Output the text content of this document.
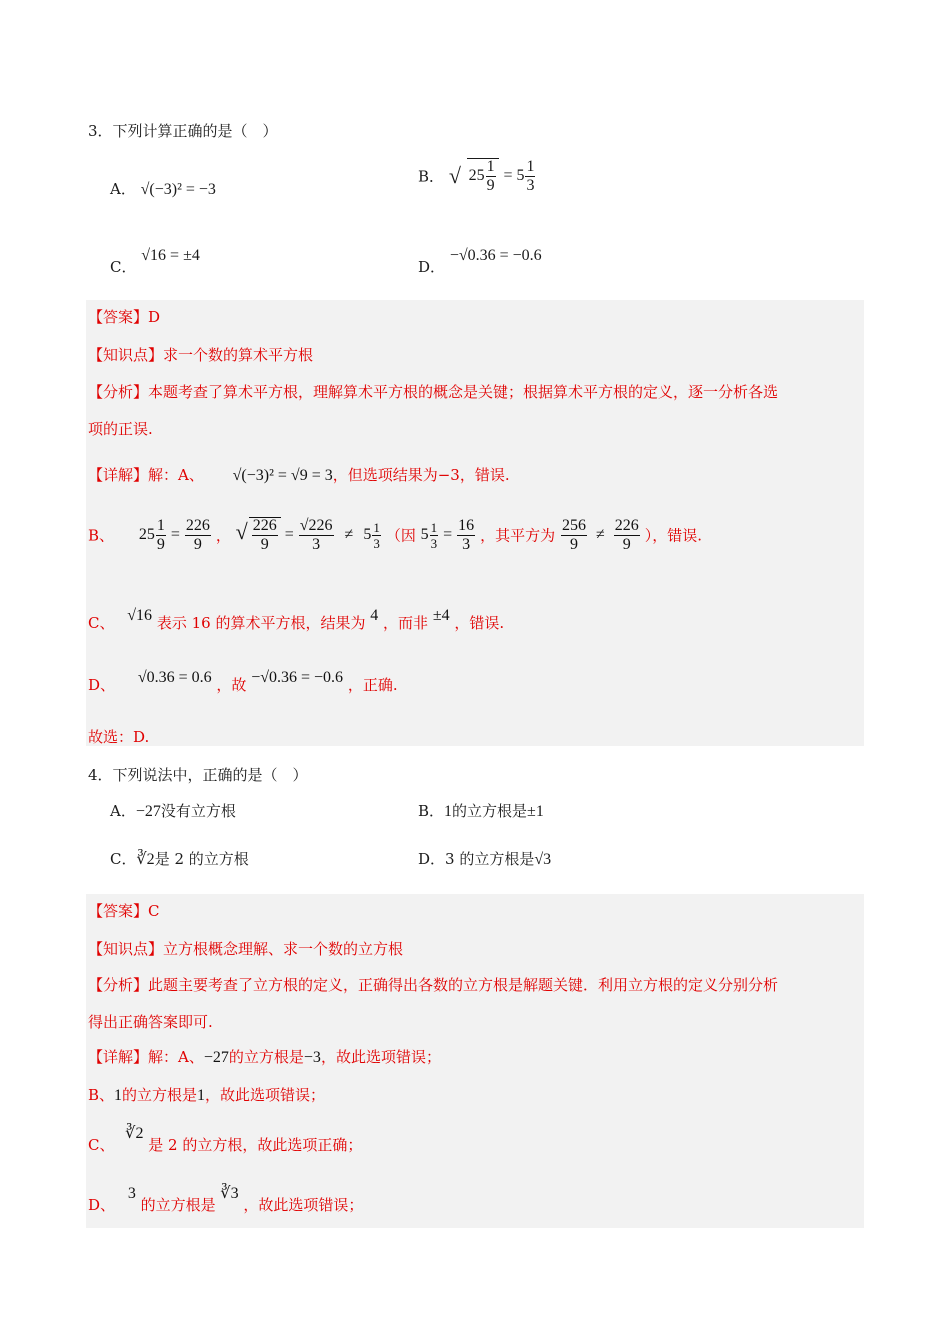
3．下列计算正确的是（　）
A． √(−3)² = −3
B． √ $25 \frac{1}{9} = 5 \frac{1}{3}$
C． √16 = ±4
D． −√0.36 = −0.6
【答案】D
【知识点】求一个数的算术平方根
【分析】本题考查了算术平方根，理解算术平方根的概念是关键；根据算术平方根的定义，逐一分析各选
项的正误.
【详解】解：A、 √(−3)² = √9 = 3，但选项结果为−3，错误.
B、 $25 \frac{1}{9} = \frac{226}{9}$ ， √ $\frac{226}{9} = \frac{√226}{3} \ne 5 \frac{1}{3}$ （因 $5 \frac{1}{3} = \frac{16}{3}$ ，其平方为 $\frac{256}{9} \ne \frac{226}{9}$ ），错误.
C、 √16 表示 16 的算术平方根，结果为 4 ，而非 ±4 ，错误.
D、 √0.36 = 0.6 ，故 −√0.36 = −0.6 ，正确.
故选：D.
4．下列说法中，正确的是（　）
A．−27没有立方根	B．1的立方根是±1
C．∛2是 2 的立方根	D．3 的立方根是√3
【答案】C
【知识点】立方根概念理解、求一个数的立方根
【分析】此题主要考查了立方根的定义，正确得出各数的立方根是解题关键．利用立方根的定义分别分析
得出正确答案即可.
【详解】解：A、−27的立方根是−3，故此选项错误；
B、1的立方根是1，故此选项错误；
C、 ∛2 是 2 的立方根，故此选项正确；
D、 3 的立方根是 ∛3 ，故此选项错误；
